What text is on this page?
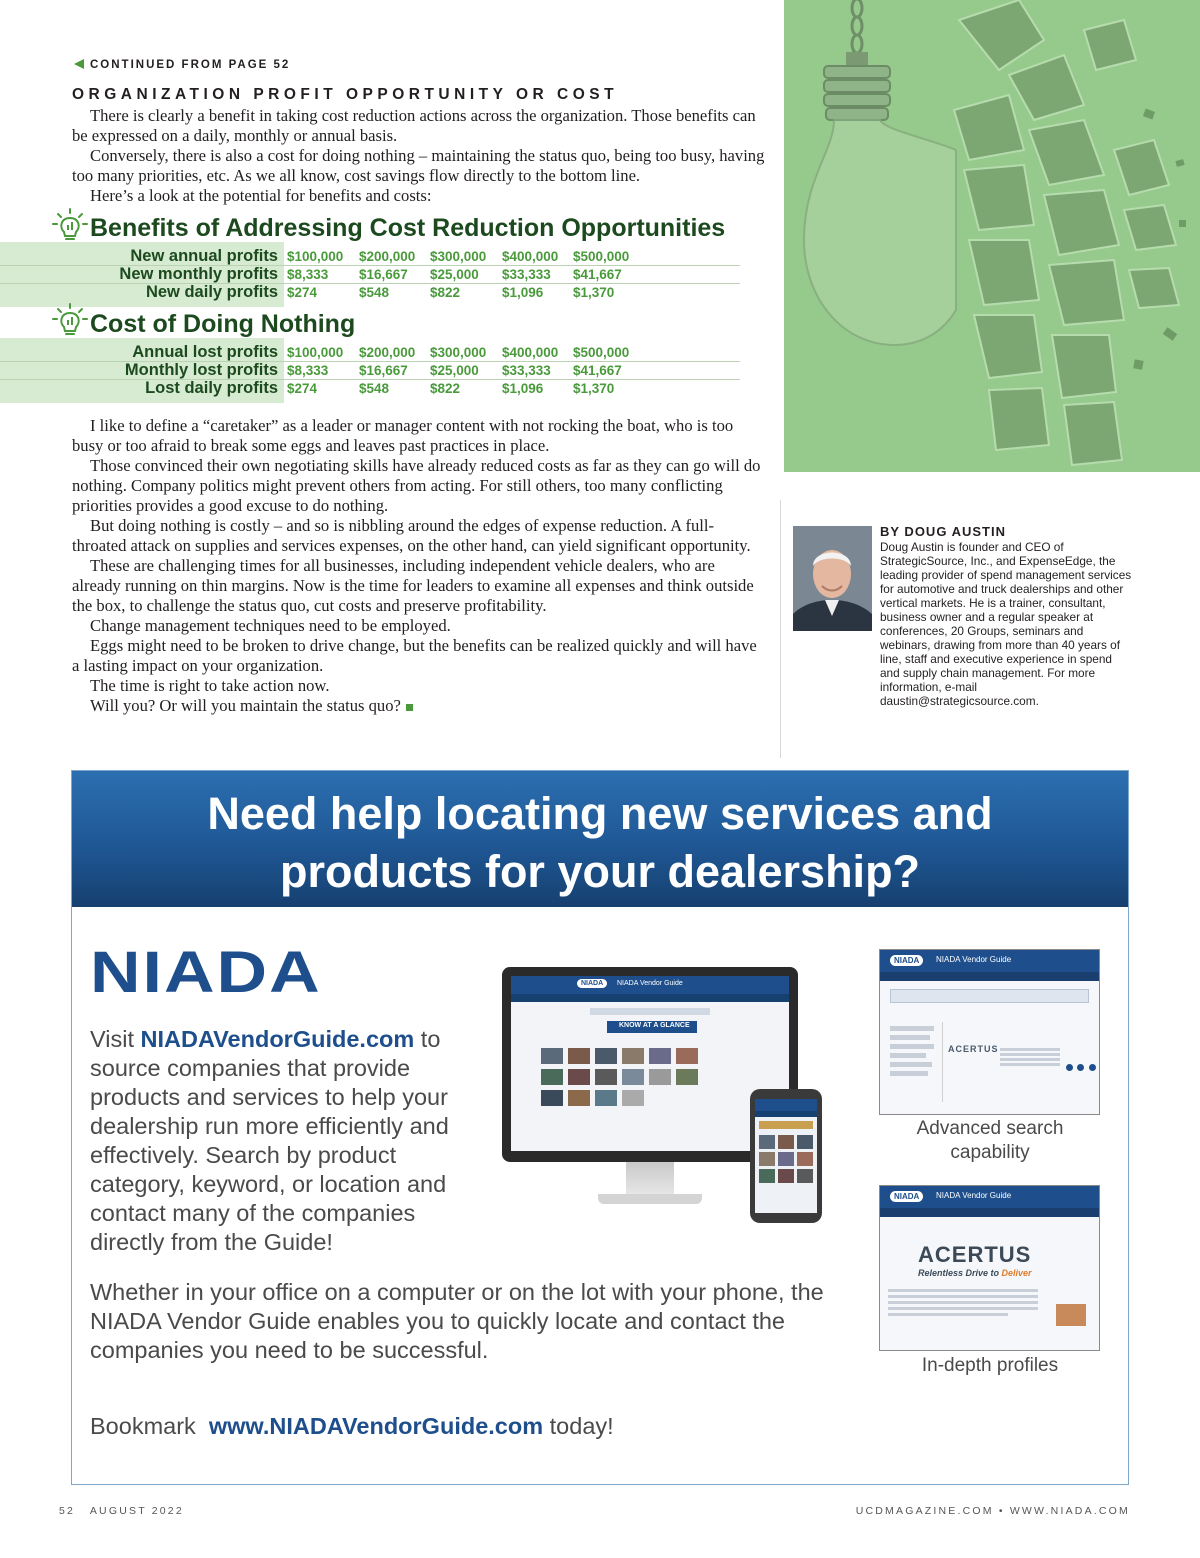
CONTINUED FROM PAGE 52
ORGANIZATION PROFIT OPPORTUNITY OR COST

There is clearly a benefit in taking cost reduction actions across the organization. Those benefits can be expressed on a daily, monthly or annual basis.

Conversely, there is also a cost for doing nothing – maintaining the status quo, being too busy, having too many priorities, etc. As we all know, cost savings flow directly to the bottom line.

Here’s a look at the potential for benefits and costs:

Benefits of Addressing Cost Reduction Opportunities
New annual profits $100,000 $200,000 $300,000 $400,000 $500,000
New monthly profits $8,333 $16,667 $25,000 $33,333 $41,667
New daily profits $274	$548	$822	$1,096 $1,370
Cost of Doing Nothing
Annual lost profits $100,000 $200,000 $300,000 $400,000 $500,000
Monthly lost profits $8,333 $16,667 $25,000 $33,333 $41,667
Lost daily profits $274	$548	$822	$1,096 $1,370

I like to define a “caretaker” as a leader or manager content with not rocking the boat, who is too busy or too afraid to break some eggs and leaves past practices in place.

Those convinced their own negotiating skills have already reduced costs as far as they can go will do nothing. Company politics might prevent others from acting. For still others, too many conflicting priorities provides a good excuse to do nothing.

But doing nothing is costly – and so is nibbling around the edges of expense reduction. A full-throated attack on supplies and services expenses, on the other hand, can yield significant opportunity.

These are challenging times for all businesses, including independent vehicle dealers, who are already running on thin margins. Now is the time for leaders to examine all expenses and think outside the box, to challenge the status quo, cut costs and preserve profitability.

Change management techniques need to be employed.

Eggs might need to be broken to drive change, but the benefits can be realized quickly and will have a lasting impact on your organization.

The time is right to take action now.

Will you? Or will you maintain the status quo?

BY DOUG AUSTIN
Doug Austin is founder and CEO of StrategicSource, Inc., and ExpenseEdge, the leading provider of spend management services for automotive and truck dealerships and other vertical markets. He is a trainer, consultant, business owner and a regular speaker at conferences, 20 Groups, seminars and webinars, drawing from more than 40 years of line, staff and executive experience in spend and supply chain management. For more information, e-mail daustin@strategicsource.com.
Need help locating new services and
products for your dealership?
NIADA
Visit NIADAVendorGuide.com to source companies that provide products and services to help your dealership run more efficiently and effectively. Search by product category, keyword, or location and contact many of the companies directly from the Guide!
NIADA	NIADA Vendor Guide
KNOW AT A GLANCE
NIADA	NIADA Vendor Guide
ACERTUS

Advanced search
capability
NIADA	NIADA Vendor Guide
ACERTUS
Relentless Drive to Deliver
In-depth profiles
Whether in your office on a computer or on the lot with your phone, the NIADA Vendor Guide enables you to quickly locate and contact the companies you need to be successful.
Bookmark www.NIADAVendorGuide.com today!
52   AUGUST 2022	UCDMAGAZINE.COM • WWW.NIADA.COM
